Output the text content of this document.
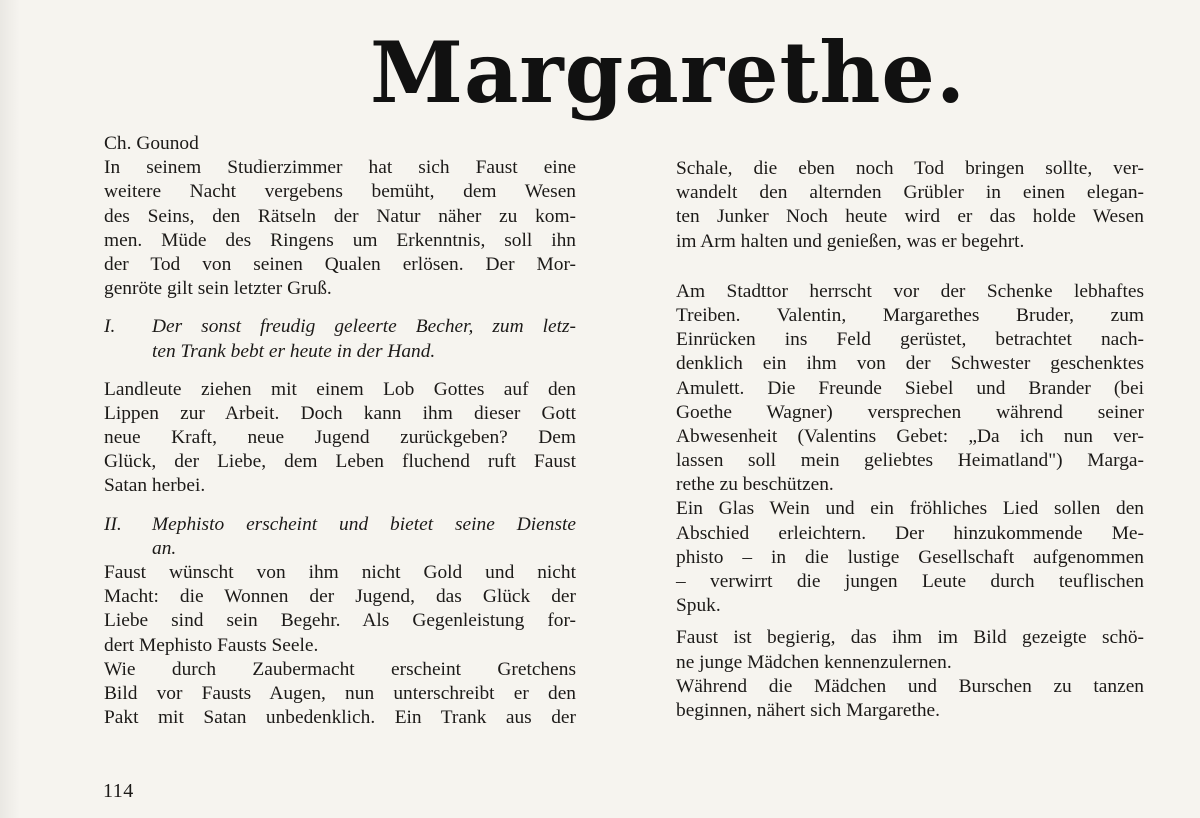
Margarethe.
Ch. Gounod
In seinem Studierzimmer hat sich Faust eine
weitere Nacht vergebens bemüht, dem Wesen
des Seins, den Rätseln der Natur näher zu kom-
men. Müde des Ringens um Erkenntnis, soll ihn
der Tod von seinen Qualen erlösen. Der Mor-
genröte gilt sein letzter Gruß.
I. Der sonst freudig geleerte Becher, zum letz-
ten Trank bebt er heute in der Hand.
Landleute ziehen mit einem Lob Gottes auf den
Lippen zur Arbeit. Doch kann ihm dieser Gott
neue Kraft, neue Jugend zurückgeben? Dem
Glück, der Liebe, dem Leben fluchend ruft Faust
Satan herbei.
II. Mephisto erscheint und bietet seine Dienste
an.
Faust wünscht von ihm nicht Gold und nicht
Macht: die Wonnen der Jugend, das Glück der
Liebe sind sein Begehr. Als Gegenleistung for-
dert Mephisto Fausts Seele.
Wie durch Zaubermacht erscheint Gretchens
Bild vor Fausts Augen, nun unterschreibt er den
Pakt mit Satan unbedenklich. Ein Trank aus der
Schale, die eben noch Tod bringen sollte, ver-
wandelt den alternden Grübler in einen elegan-
ten Junker Noch heute wird er das holde Wesen
im Arm halten und genießen, was er begehrt.
Am Stadttor herrscht vor der Schenke lebhaftes
Treiben. Valentin, Margarethes Bruder, zum
Einrücken ins Feld gerüstet, betrachtet nach-
denklich ein ihm von der Schwester geschenktes
Amulett. Die Freunde Siebel und Brander (bei
Goethe Wagner) versprechen während seiner
Abwesenheit (Valentins Gebet: „Da ich nun ver-
lassen soll mein geliebtes Heimatland") Marga-
rethe zu beschützen.
Ein Glas Wein und ein fröhliches Lied sollen den
Abschied erleichtern. Der hinzukommende Me-
phisto – in die lustige Gesellschaft aufgenommen
– verwirrt die jungen Leute durch teuflischen
Spuk.
Faust ist begierig, das ihm im Bild gezeigte schö-
ne junge Mädchen kennenzulernen.
Während die Mädchen und Burschen zu tanzen
beginnen, nähert sich Margarethe.
114
